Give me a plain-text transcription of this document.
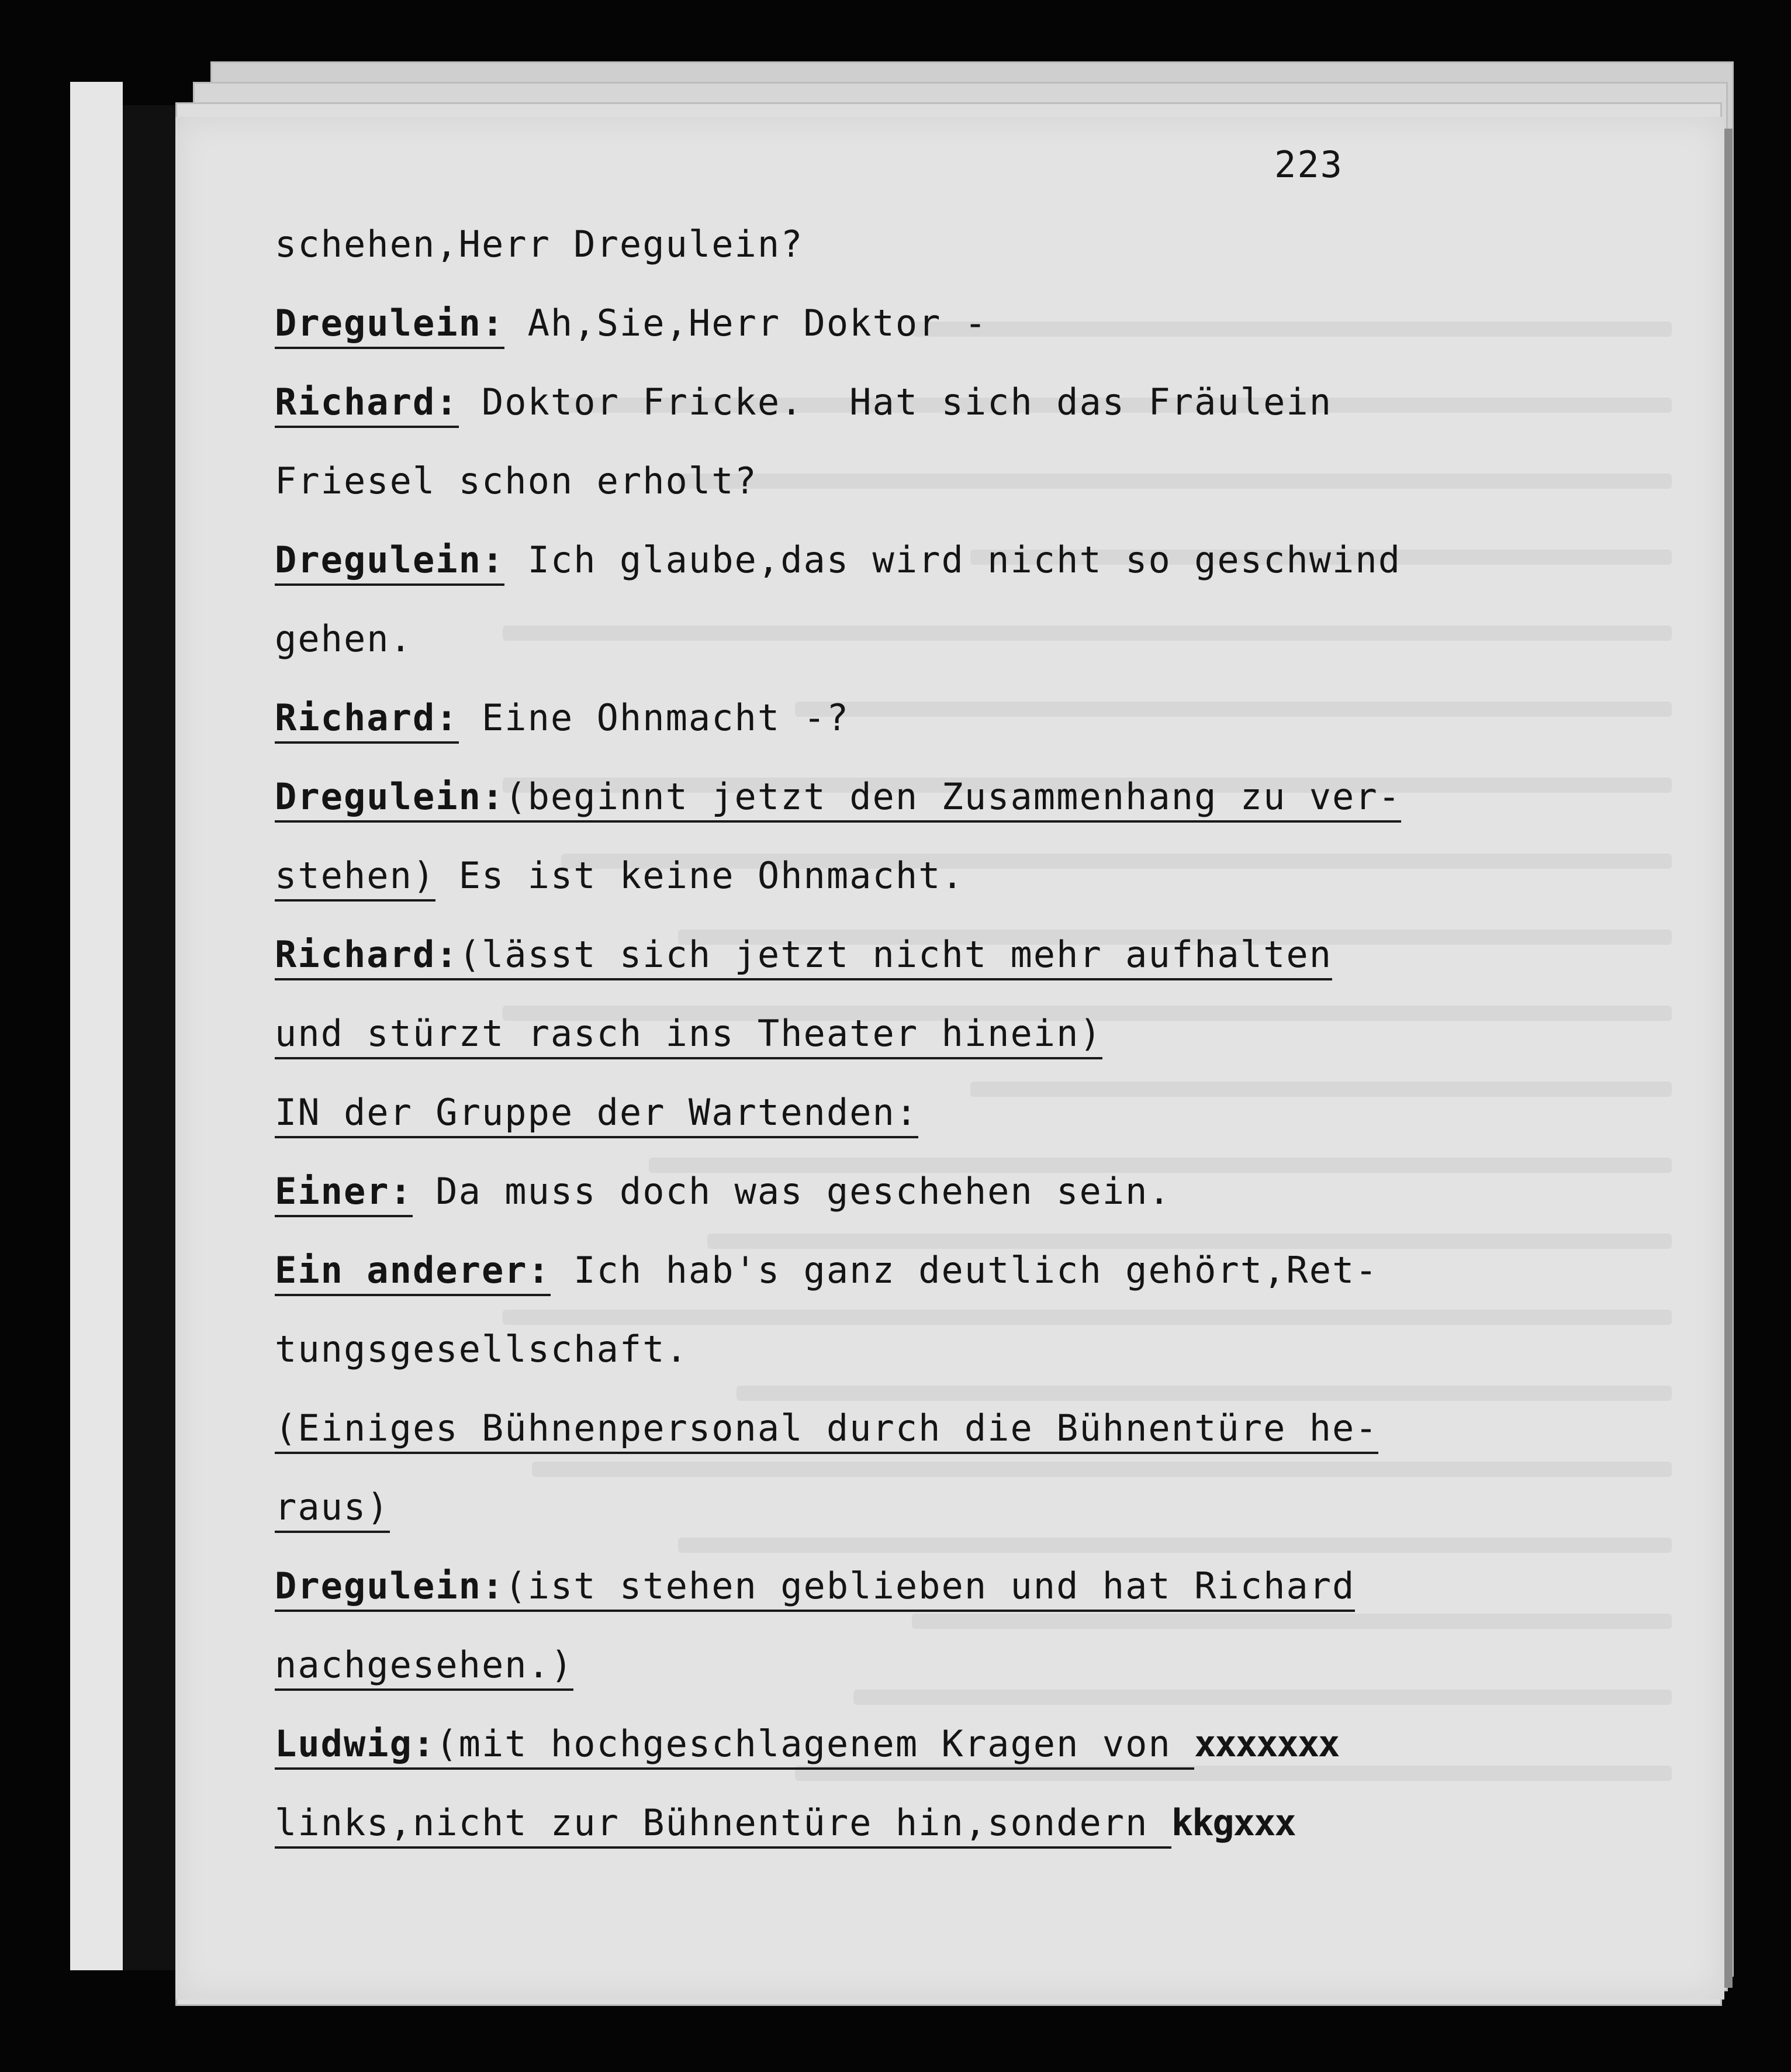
223
schehen,Herr Dregulein?
Dregulein: Ah,Sie,Herr Doktor -
Richard: Doktor Fricke.  Hat sich das Fräulein
Friesel schon erholt?
Dregulein: Ich glaube,das wird nicht so geschwind
gehen.
Richard: Eine Ohnmacht -?
Dregulein:(beginnt jetzt den Zusammenhang zu ver-
stehen) Es ist keine Ohnmacht.
Richard:(lässt sich jetzt nicht mehr aufhalten
und stürzt rasch ins Theater hinein)
IN der Gruppe der Wartenden:
Einer: Da muss doch was geschehen sein.
Ein anderer: Ich hab's ganz deutlich gehört,Ret-
tungsgesellschaft.
(Einiges Bühnenpersonal durch die Bühnentüre he-
raus)
Dregulein:(ist stehen geblieben und hat Richard
nachgesehen.)
Ludwig:(mit hochgeschlagenem Kragen von xxxxxxx
links,nicht zur Bühnentüre hin,sondern kkgxxx
